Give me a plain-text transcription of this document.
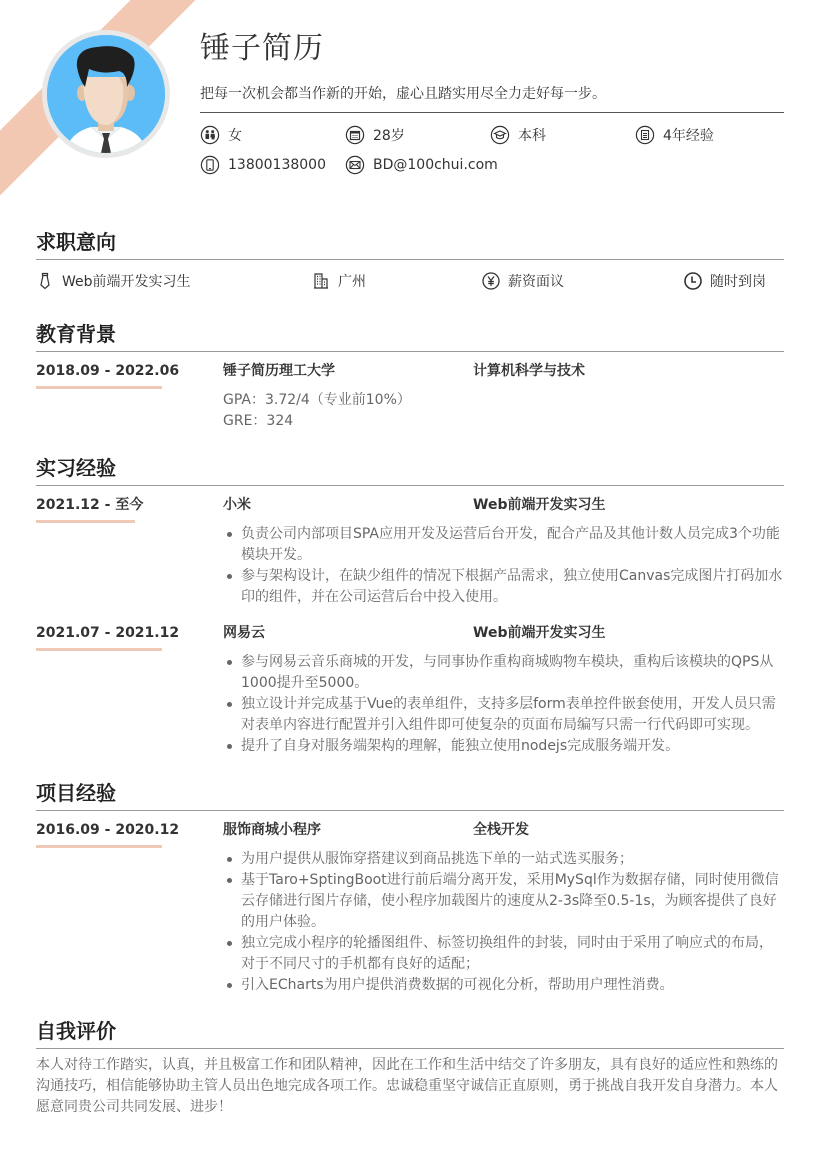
锤子简历
把每一次机会都当作新的开始，虚心且踏实用尽全力走好每一步。
女	28岁	本科	4年经验
13800138000	BD@100chui.com
求职意向
Web前端开发实习生	广州	薪资面议	随时到岗
教育背景
2018.09 - 2022.06	锤子简历理工大学	计算机科学与技术
GPA：3.72/4（专业前10%）
GRE：324
实习经验
2021.12 - 至今	小米	Web前端开发实习生
负责公司内部项目SPA应用开发及运营后台开发，配合产品及其他计数人员完成3个功能模块开发。
参与架构设计，在缺少组件的情况下根据产品需求，独立使用Canvas完成图片打码加水印的组件，并在公司运营后台中投入使用。
2021.07 - 2021.12	网易云	Web前端开发实习生
参与网易云音乐商城的开发，与同事协作重构商城购物车模块，重构后该模块的QPS从1000提升至5000。
独立设计并完成基于Vue的表单组件，支持多层form表单控件嵌套使用，开发人员只需对表单内容进行配置并引入组件即可使复杂的页面布局编写只需一行代码即可实现。
提升了自身对服务端架构的理解，能独立使用nodejs完成服务端开发。
项目经验
2016.09 - 2020.12	服饰商城小程序	全栈开发
为用户提供从服饰穿搭建议到商品挑选下单的一站式选买服务；
基于Taro+SptingBoot进行前后端分离开发，采用MySql作为数据存储，同时使用微信云存储进行图片存储，使小程序加载图片的速度从2-3s降至0.5-1s，为顾客提供了良好的用户体验。
独立完成小程序的轮播图组件、标签切换组件的封装，同时由于采用了响应式的布局，对于不同尺寸的手机都有良好的适配；
引入ECharts为用户提供消费数据的可视化分析，帮助用户理性消费。
自我评价
本人对待工作踏实，认真，并且极富工作和团队精神，因此在工作和生活中结交了许多朋友，具有良好的适应性和熟练的沟通技巧，相信能够协助主管人员出色地完成各项工作。忠诚稳重坚守诚信正直原则，勇于挑战自我开发自身潜力。本人愿意同贵公司共同发展、进步！
